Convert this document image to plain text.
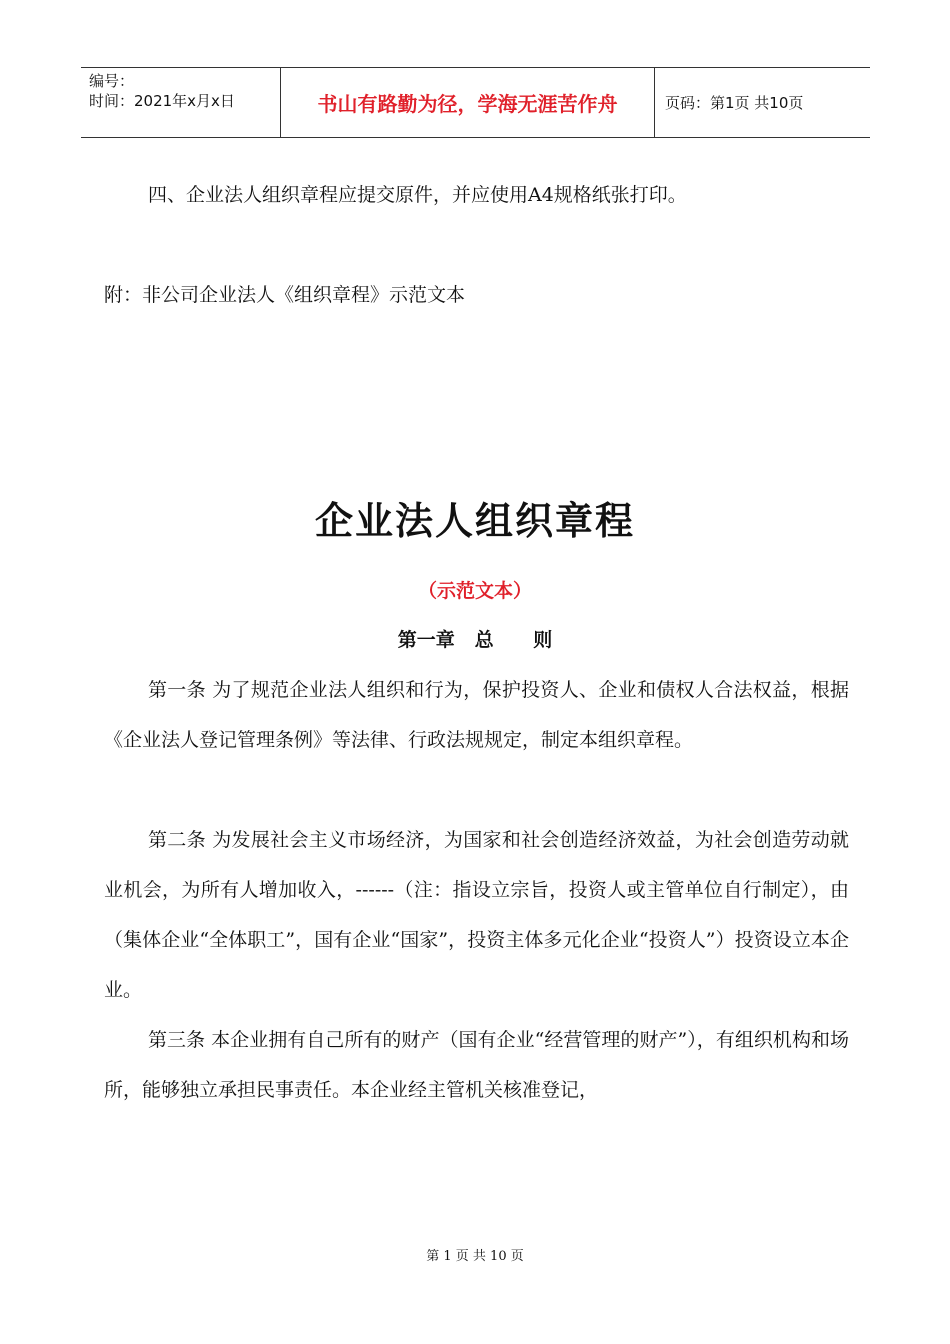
编号：
时间：2021年x月x日	书山有路勤为径，学海无涯苦作舟	页码：第1页 共10页
四、企业法人组织章程应提交原件，并应使用A4规格纸张打印。
附：非公司企业法人《组织章程》示范文本
企业法人组织章程
（示范文本）
第一章   总      则
第一条 为了规范企业法人组织和行为，保护投资人、企业和债权人合法权益，根据《企业法人登记管理条例》等法律、行政法规规定，制定本组织章程。
第二条 为发展社会主义市场经济，为国家和社会创造经济效益，为社会创造劳动就业机会，为所有人增加收入，------（注：指设立宗旨，投资人或主管单位自行制定），由（集体企业“全体职工”，国有企业“国家”，投资主体多元化企业“投资人”）投资设立本企业。
第三条 本企业拥有自己所有的财产（国有企业“经营管理的财产”），有组织机构和场所，能够独立承担民事责任。本企业经主管机关核准登记，
第 1 页 共 10 页
